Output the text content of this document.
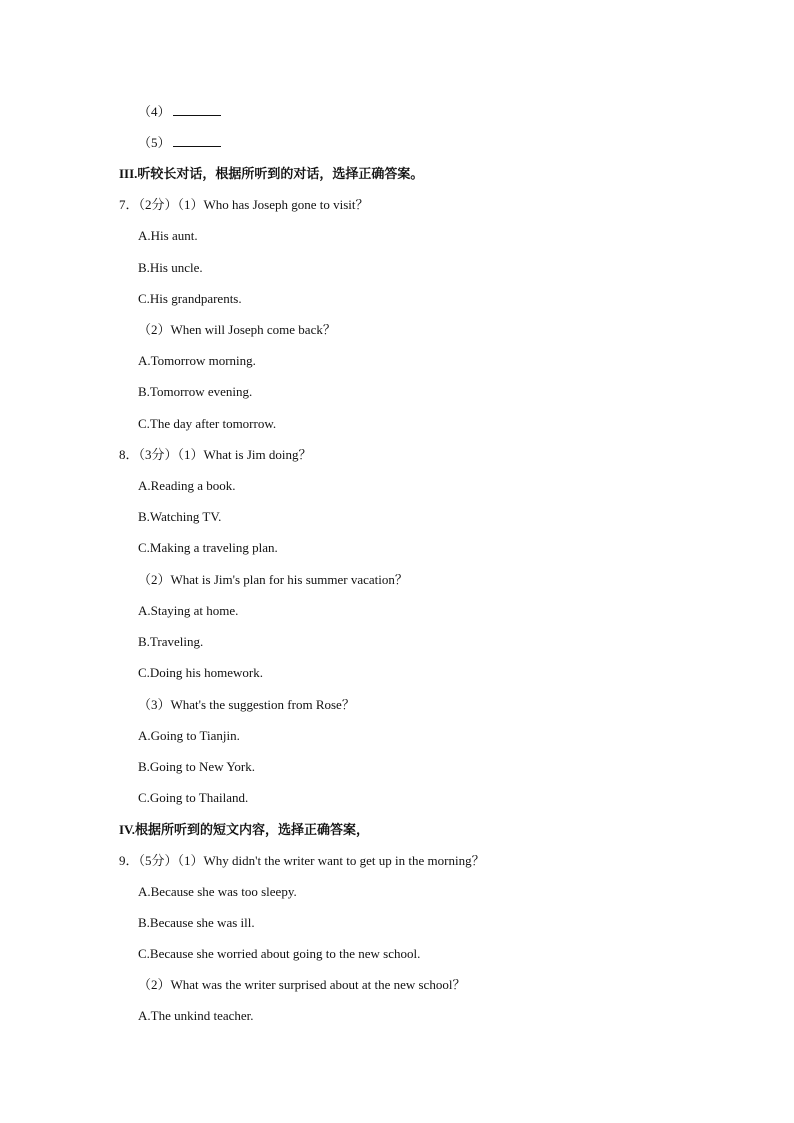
（4）
（5）
III.听较长对话，根据所听到的对话，选择正确答案。
7．（2分）（1）Who has Joseph gone to visit？
A.His aunt.
B.His uncle.
C.His grandparents.
（2）When will Joseph come back？
A.Tomorrow morning.
B.Tomorrow evening.
C.The day after tomorrow.
8．（3分）（1）What is Jim doing？
A.Reading a book.
B.Watching TV.
C.Making a traveling plan.
（2）What is Jim's plan for his summer vacation？
A.Staying at home.
B.Traveling.
C.Doing his homework.
（3）What's the suggestion from Rose？
A.Going to Tianjin.
B.Going to New York.
C.Going to Thailand.
IV.根据所听到的短文内容，选择正确答案，
9．（5分）（1）Why didn't the writer want to get up in the morning？
A.Because she was too sleepy.
B.Because she was ill.
C.Because she worried about going to the new school.
（2）What was the writer surprised about at the new school？
A.The unkind teacher.
